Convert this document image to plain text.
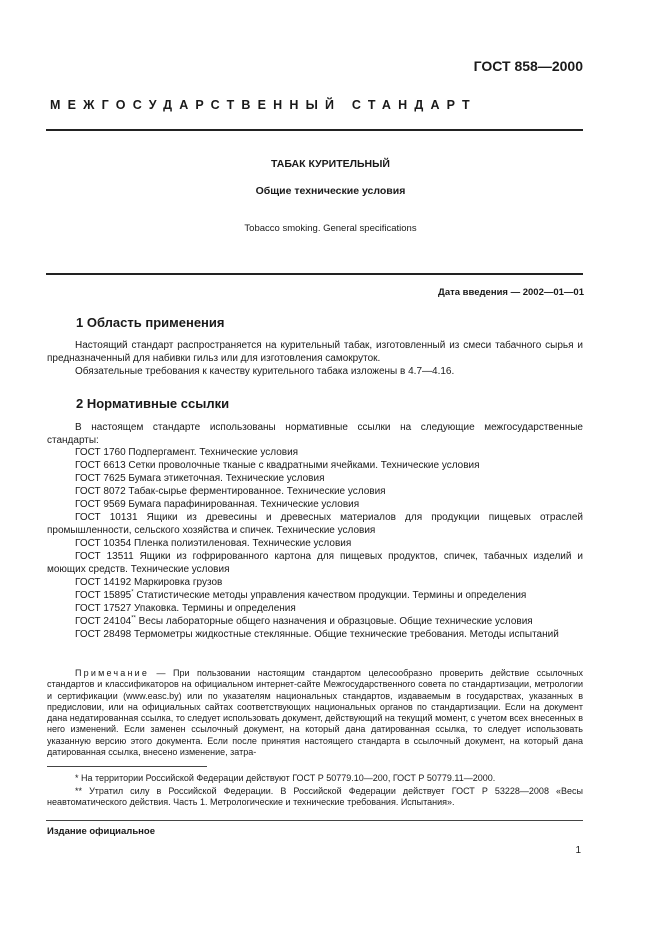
ГОСТ 858—2000
МЕЖГОСУДАРСТВЕННЫЙ СТАНДАРТ
ТАБАК КУРИТЕЛЬНЫЙ
Общие технические условия
Tobacco smoking. General specifications
Дата введения — 2002—01—01
1 Область применения

Настоящий стандарт распространяется на курительный табак, изготовленный из смеси табачного сырья и предназначенный для набивки гильз или для изготовления самокруток.

Обязательные требования к качеству курительного табака изложены в 4.7—4.16.

2 Нормативные ссылки

В настоящем стандарте использованы нормативные ссылки на следующие межгосударственные стандарты:

ГОСТ 1760 Подпергамент. Технические условия

ГОСТ 6613 Сетки проволочные тканые с квадратными ячейками. Технические условия

ГОСТ 7625 Бумага этикеточная. Технические условия

ГОСТ 8072 Табак-сырье ферментированное. Технические условия

ГОСТ 9569 Бумага парафинированная. Технические условия

ГОСТ 10131 Ящики из древесины и древесных материалов для продукции пищевых отраслей промышленности, сельского хозяйства и спичек. Технические условия

ГОСТ 10354 Пленка полиэтиленовая. Технические условия

ГОСТ 13511 Ящики из гофрированного картона для пищевых продуктов, спичек, табачных изделий и моющих средств. Технические условия

ГОСТ 14192 Маркировка грузов

ГОСТ 15895* Статистические методы управления качеством продукции. Термины и определения

ГОСТ 17527 Упаковка. Термины и определения

ГОСТ 24104** Весы лабораторные общего назначения и образцовые. Общие технические условия

ГОСТ 28498 Термометры жидкостные стеклянные. Общие технические требования. Методы испытаний

Примечание — При пользовании настоящим стандартом целесообразно проверить действие ссылочных стандартов и классификаторов на официальном интернет-сайте Межгосударственного совета по стандартизации, метрологии и сертификации (www.easc.by) или по указателям национальных стандартов, издаваемым в государствах, указанных в предисловии, или на официальных сайтах соответствующих национальных органов по стандартизации. Если на документ дана недатированная ссылка, то следует использовать документ, действующий на текущий момент, с учетом всех внесенных в него изменений. Если заменен ссылочный документ, на который дана датированная ссылка, то следует использовать указанную версию этого документа. Если после принятия настоящего стандарта в ссылочный документ, на который дана датированная ссылка, внесено изменение, затра-

* На территории Российской Федерации действуют ГОСТ Р 50779.10—200, ГОСТ Р 50779.11—2000.

** Утратил силу в Российской Федерации. В Российской Федерации действует ГОСТ Р 53228—2008 «Весы неавтоматического действия. Часть 1. Метрологические и технические требования. Испытания».

Издание официальное
1
